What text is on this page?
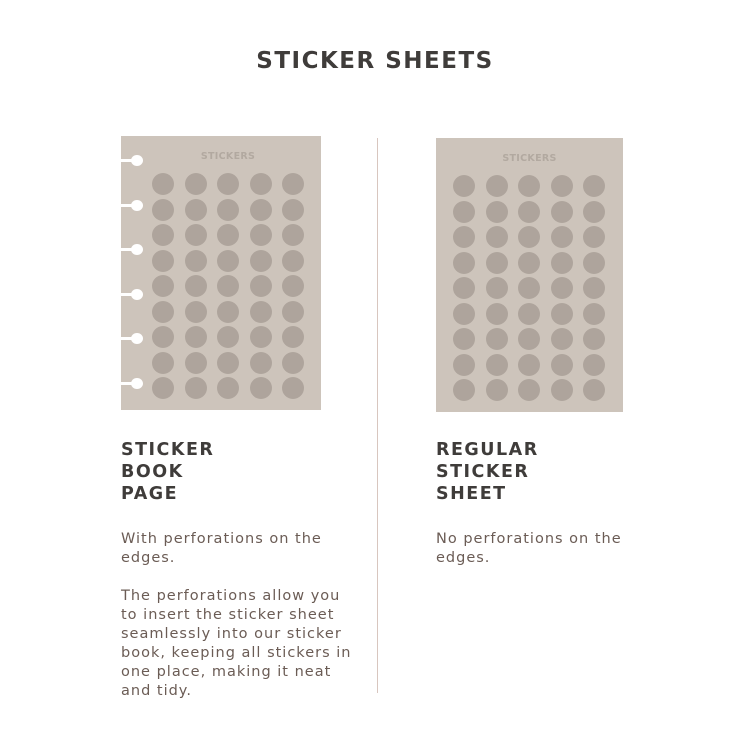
STICKER SHEETS
STICKERS	STICKERS
STICKER
BOOK
PAGE
REGULAR
STICKER
SHEET

With perforations on the edges.

The perforations allow you to insert the sticker sheet seamlessly into our sticker book, keeping all stickers in one place, making it neat and tidy.

No perforations on the edges.
